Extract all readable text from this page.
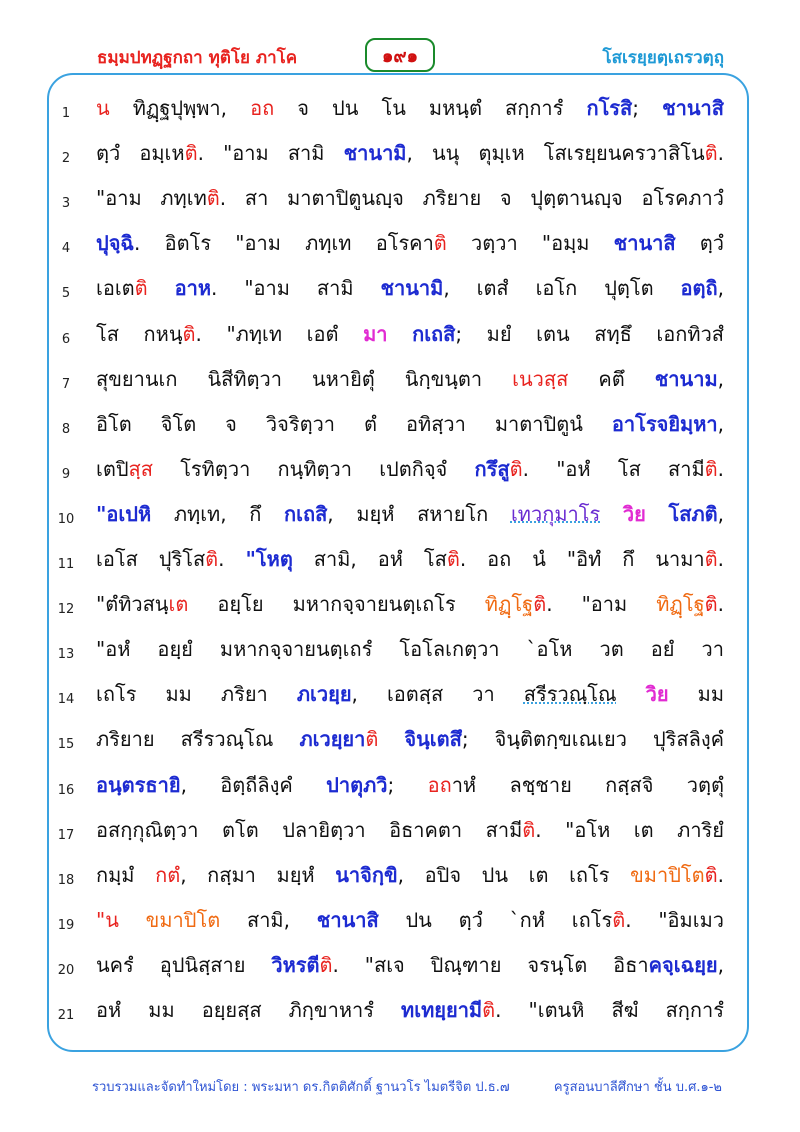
ธมฺมปทฏฺฐกถา ทุติโย ภาโค	๑๙๑	โสเรยฺยตฺเถรวตฺถุ
1	น ทิฏฺฐปุพฺพา, อถ จ ปน โน มหนฺตํ สกฺการํ กโรสิ; ชานาสิ
2	ตฺวํ อมฺเหติ. "อาม สามิ ชานามิ, นนุ ตุมฺเห โสเรยฺยนครวาสิโนติ.
3	"อาม ภทฺเทติ. สา มาตาปิตูนญฺจ ภริยาย จ ปุตฺตานญฺจ อโรคภาวํ
4	ปุจฺฉิ. อิตโร "อาม ภทฺเท อโรคาติ วตฺวา "อมฺม ชานาสิ ตฺวํ
5	เอเตติ อาห. "อาม สามิ ชานามิ, เตสํ เอโก ปุตฺโต อตฺถิ,
6	โส กหนฺติ. "ภทฺเท เอตํ มา กเถสิ; มยํ เตน สทฺธึ เอกทิวสํ
7	สุขยานเก นิสีทิตฺวา นหายิตุํ นิกฺขนฺตา เนวสฺส คตึ ชานาม,
8	อิโต จิโต จ วิจริตฺวา ตํ อทิสฺวา มาตาปิตูนํ อาโรจยิมฺหา,
9	เตปิสฺส โรทิตฺวา กนฺทิตฺวา เปตกิจฺจํ กรึสูติ. "อหํ โส สามีติ.
10 "อเปหิ ภทฺเท, กึ กเถสิ, มยฺหํ สหายโก เทวกุมาโร วิย โสภติ,
11 เอโส ปุริโสติ. "โหตุ สามิ, อหํ โสติ. อถ นํ "อิทํ กึ นามาติ.
12 "ตํทิวสนฺเต อยฺโย มหากจฺจายนตฺเถโร ทิฏฺโฐติ. "อาม ทิฏฺโฐติ.
13 "อหํ อยฺยํ มหากจฺจายนตฺเถรํ โอโลเกตฺวา `อโห วต อยํ วา
14 เถโร มม ภริยา ภเวยฺย, เอตสฺส วา สรีรวณฺโณ วิย มม
15 ภริยาย สรีรวณฺโณ ภเวยฺยาติ จินฺเตสึ; จินฺติตกฺขเณเยว ปุริสลิงฺคํ
16 อนฺตรธายิ, อิตฺถีลิงฺคํ ปาตุภวิ; อถาหํ ลชฺชาย กสฺสจิ วตฺตุํ
17 อสกฺกุณิตฺวา ตโต ปลายิตฺวา อิธาคตา สามีติ. "อโห เต ภาริยํ
18 กมฺมํ กตํ, กสฺมา มยฺหํ นาจิกฺขิ, อปิจ ปน เต เถโร ขมาปิโตติ.
19 "น ขมาปิโต สามิ, ชานาสิ ปน ตฺวํ `กหํ เถโรติ. "อิมเมว
20 นครํ อุปนิสฺสาย วิหรตีติ. "สเจ ปิณฺฑาย จรนฺโต อิธาคจฺเฉยฺย,
21 อหํ มม อยฺยสฺส ภิกฺขาหารํ ทเทยฺยามีติ. "เตนหิ สีฆํ สกฺการํ
รวบรวมและจัดทำใหม่โดย : พระมหา ดร.กิตติศักดิ์ ฐานวโร ไมตรีจิต ป.ธ.๗	ครูสอนบาลีศึกษา ชั้น บ.ศ.๑-๒
